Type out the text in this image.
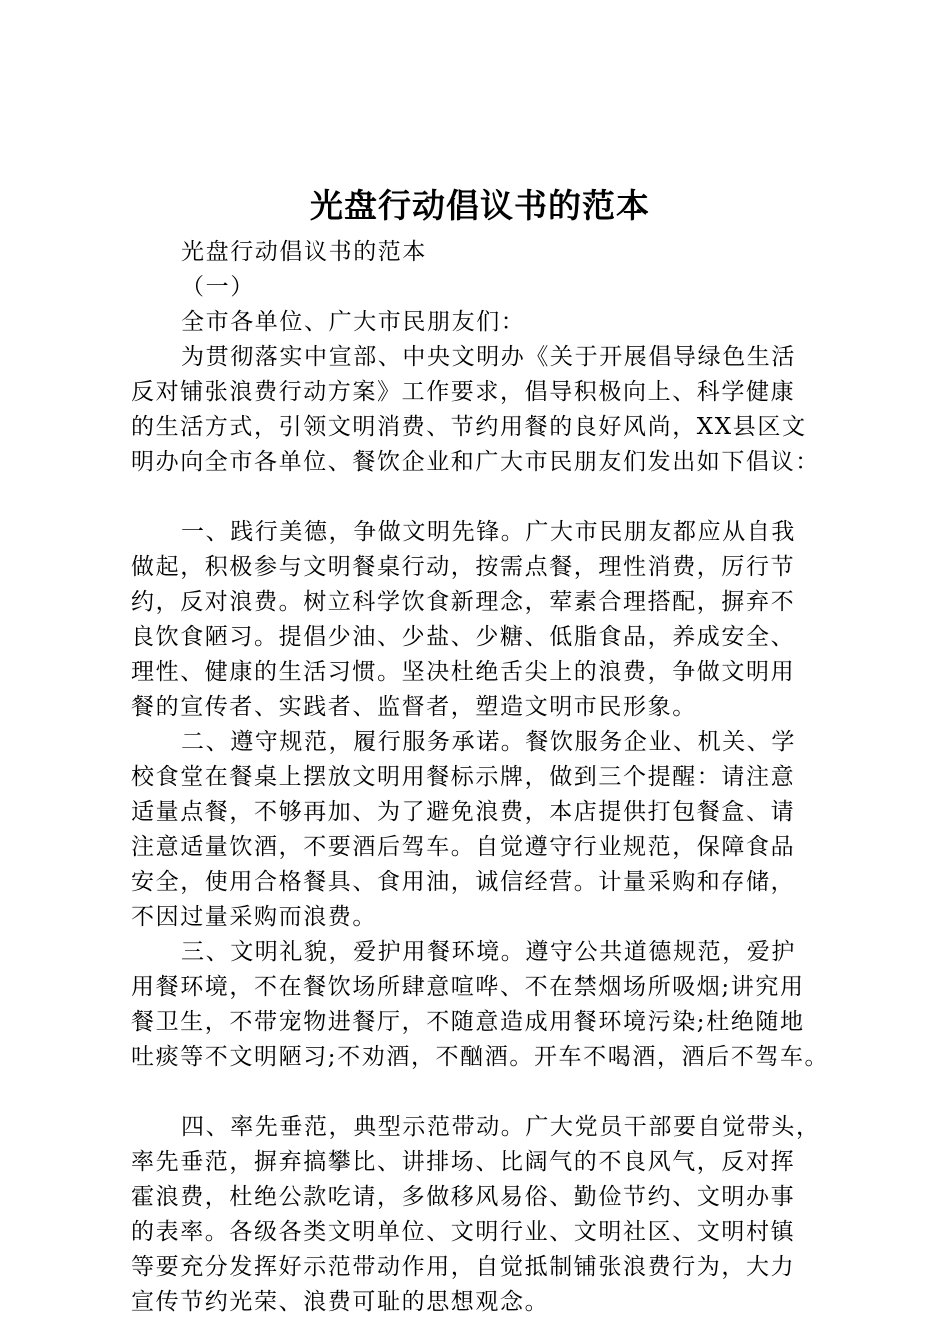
光盘行动倡议书的范本
光盘行动倡议书的范本
（一）
全市各单位、广大市民朋友们：
为贯彻落实中宣部、中央文明办《关于开展倡导绿色生活
反对铺张浪费行动方案》工作要求，倡导积极向上、科学健康
的生活方式，引领文明消费、节约用餐的良好风尚，XX县区文
明办向全市各单位、餐饮企业和广大市民朋友们发出如下倡议：
一、践行美德，争做文明先锋。广大市民朋友都应从自我
做起，积极参与文明餐桌行动，按需点餐，理性消费，厉行节
约，反对浪费。树立科学饮食新理念，荤素合理搭配，摒弃不
良饮食陋习。提倡少油、少盐、少糖、低脂食品，养成安全、
理性、健康的生活习惯。坚决杜绝舌尖上的浪费，争做文明用
餐的宣传者、实践者、监督者，塑造文明市民形象。
二、遵守规范，履行服务承诺。餐饮服务企业、机关、学
校食堂在餐桌上摆放文明用餐标示牌，做到三个提醒：请注意
适量点餐，不够再加、为了避免浪费，本店提供打包餐盒、请
注意适量饮酒，不要酒后驾车。自觉遵守行业规范，保障食品
安全，使用合格餐具、食用油，诚信经营。计量采购和存储，
不因过量采购而浪费。
三、文明礼貌，爱护用餐环境。遵守公共道德规范，爱护
用餐环境，不在餐饮场所肆意喧哗、不在禁烟场所吸烟;讲究用
餐卫生，不带宠物进餐厅，不随意造成用餐环境污染;杜绝随地
吐痰等不文明陋习;不劝酒，不酗酒。开车不喝酒，酒后不驾车。
四、率先垂范，典型示范带动。广大党员干部要自觉带头，
率先垂范，摒弃搞攀比、讲排场、比阔气的不良风气，反对挥
霍浪费，杜绝公款吃请，多做移风易俗、勤俭节约、文明办事
的表率。各级各类文明单位、文明行业、文明社区、文明村镇
等要充分发挥好示范带动作用，自觉抵制铺张浪费行为，大力
宣传节约光荣、浪费可耻的思想观念。
